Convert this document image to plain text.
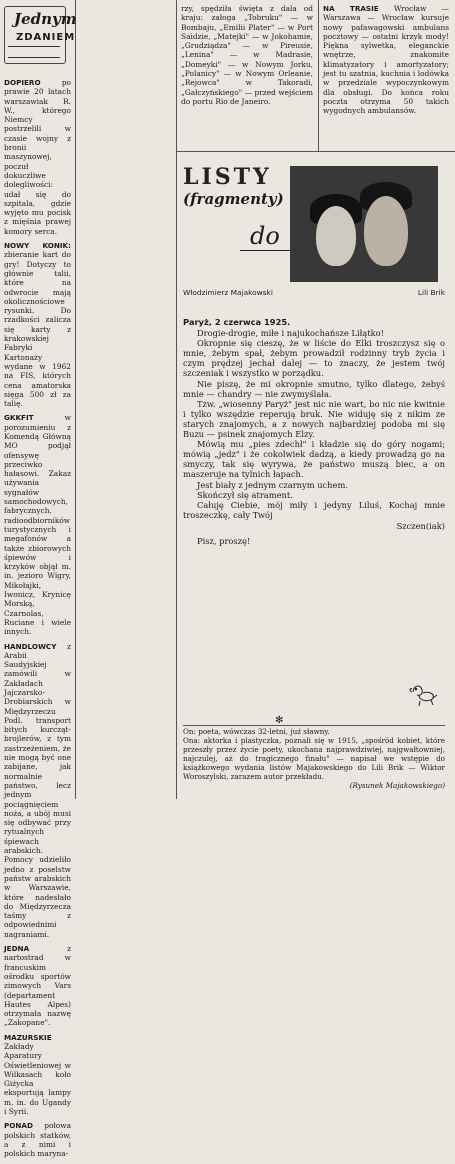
Jednym
ZDANIEM

DOPIERO	po prawie 20 latach warszawiak R. W., którego Niemcy postrzelili w czasie wojny z bronii maszynowej, poczuł dokuczliwe dolegliwości: udał się do szpitala, gdzie wyjęto mu pocisk z mięśnia prawej komory serca.

NOWY KONIK: zbieranie kart do gry! Dotyczy to głównie talii, które na odwrocie mają okolicznościowe rysunki. Do rzadkości zalicza się karty z krakowskiej Fabryki Kartonaży wydane w 1962 na FIS, których cena amatorska sięga 500 zł za talię.

GKKFIT	w porozumieniu z Komendą Główną MO podjął ofensywę przeciwko hałasowi. Zakaz używania sygnałów samochodowych, fabrycznych, radioodbiorników turystycznych i megafonów a także zbiorowych śpiewów i krzyków objął m. in. jezioro Wigry, Mikołajki, Iwonicz, Krynicę Morską, Czarnolas, Ruciane i wiele innych.

HANDLOWCY z Arabii Saudyjskiej zamówili w Zakładach Jajczarsko-Drobiarskich w Międzyrzeczu Podl. transport bitych kurcząt-brojlerów, z tym zastrzeżeniem, że nie mogą być one zabijane, jak normalnie państwo, lecz jednym pociągnięciem noża, a ubój musi się odbywać przy rytualnych śpiewach arabskich. Pomocy udzieliło jedno z poselstw państw arabskich w Warszawie, które nadesłało do Międzyrzecza taśmy z odpowiednimi nagraniami.

JEDNA	z nartostrad w francuskim ośrodku sportów zimowych Vars (departament Hautes Alpes) otrzymała nazwę „Zakopane".

MAZURSKIE Zakłady Aparatury Oświetleniowej w Wilkasach koło Giżycka eksportują lampy m. in. do Ugandy i Syrii.

PONAD połowa polskich statków, a z nimi i polskich maryna-

rzy, spędziła święta z dala od kraju: załoga „Tobruku" — w Bombaju, „Emilii Plater" — w Port Saidzie, „Matejki" — w Jokohamie, „Grudziądza" — w Pireusie, „Lenina" — w Madrasie, „Domeyki" — w Nowym Jorku, „Polanicy" — w Nowym Orleanie, „Rejowca" w Takoradi, „Gałczyńskiego" — przed wejściem do portu Rio de Janeiro.

NA TRASIE Wrocław — Warszawa — Wrocław kursuje nowy pafawagowski ambulans pocztowy — ostatni krzyk mody! Piękna sylwetka, eleganckie wnętrze, znakomite klimatyzatory i amortyzatory; jest tu szatnia, kuchnia i lodówka w przedziale wypoczynkowym dla obsługi. Do końca roku poczta otrzyma 50 takich wygodnych ambulansów.

LISTY
(fragmenty)
do
Włodzimierz Majakowski	Lili Brik

Paryż, 2 czerwca 1925.

Drogie-drogie, miłe i najukochańsze Liłątko!

Okropnie się cieszę, że w liście do Elki troszczysz się o mnie, żebym spał, żebym prowadził rodzinny tryb życia i czym prędzej jechał dalej — to znaczy, że jestem twój szczeniak i wszystko w porządku.

Nie piszę, że mi okropnie smutno, tylko dlatego, żebyś mnie — chandry — nie zwymyślała.

Tzw. „wiosenny Paryż" jest nic nie wart, bo nic nie kwitnie i tylko wszędzie reperują bruk. Nie widuję się z nikim ze starych znajomych, a z nowych najbardziej podoba mi się Buzu — psinek znajomych Elzy.

Mówią mu „pies zdechł" i kładzie się do góry nogami; mówią „jedz" i że cokolwiek dadzą, a kiedy prowadzą go na smyczy, tak się wyrywa, że państwo muszą biec, a on maszeruje na tylnich łapach.

Jest biały z jednym czarnym uchem.

Skończył się atrament.

Całuję Ciebie, mój miły i jedyny Liluś, Kochaj mnie troszeczkę, cały Twój

Szczen(iak)

Pisz, proszę!

✻

On: poeta, wówczas 32-letni, już sławny.

Ona: aktorka i plastyczka, poznali się w 1915, „spośród kobiet, które przeszły przez życie poety, ukochana najprawdziwiej, najgwałtowniej, najczulej, aż do tragicznego finału" — napisał we wstępie do książkowego wydania listów Majakowskiego do Lili Brik — Wiktor Woroszylski, zarazem autor przekładu.

(Rysunek Majakowskiego)
